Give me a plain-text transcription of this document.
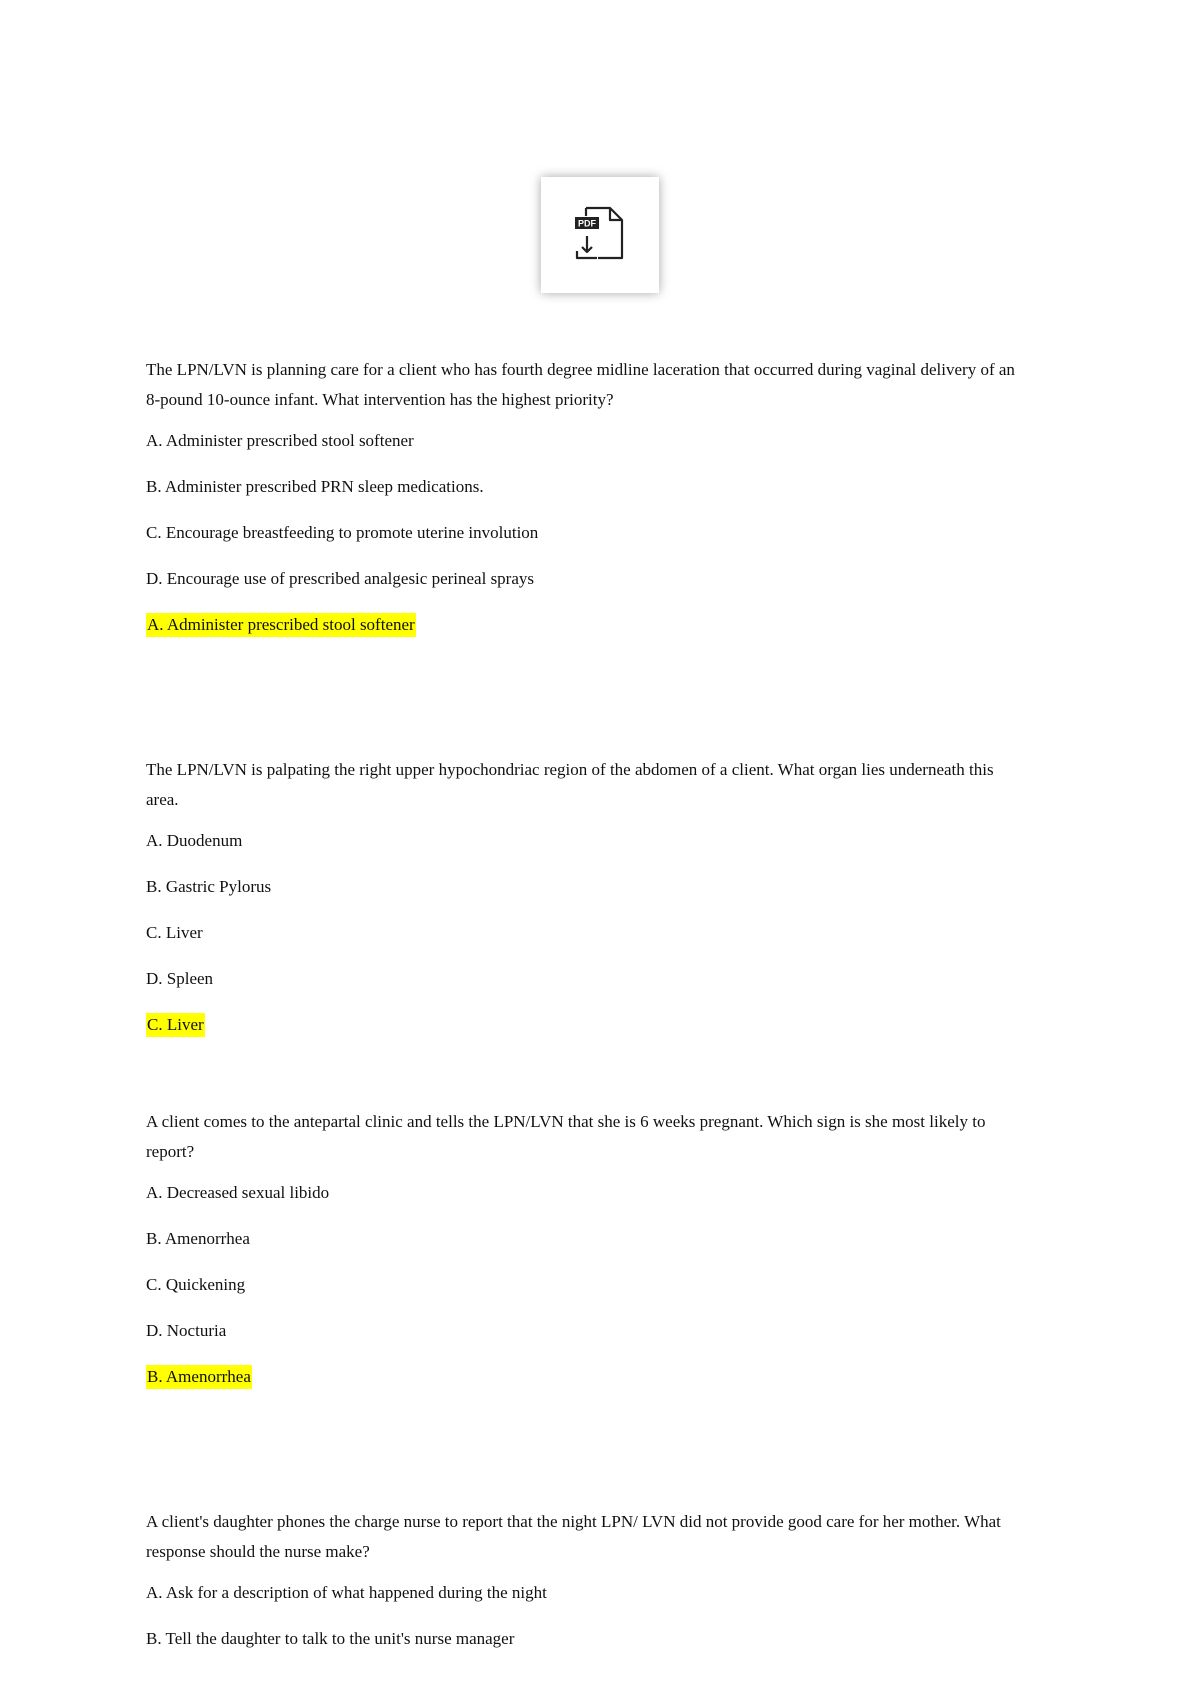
PDF

The LPN/LVN is planning care for a client who has fourth degree midline laceration that occurred during vaginal delivery of an 8-pound 10-ounce infant. What intervention has the highest priority?

A. Administer prescribed stool softener

B. Administer prescribed PRN sleep medications.

C. Encourage breastfeeding to promote uterine involution

D. Encourage use of prescribed analgesic perineal sprays

A. Administer prescribed stool softener

The LPN/LVN is palpating the right upper hypochondriac region of the abdomen of a client. What organ lies underneath this area.

A. Duodenum

B. Gastric Pylorus

C. Liver

D. Spleen

C. Liver

A client comes to the antepartal clinic and tells the LPN/LVN that she is 6 weeks pregnant. Which sign is she most likely to report?

A. Decreased sexual libido

B. Amenorrhea

C. Quickening

D. Nocturia

B. Amenorrhea

A client's daughter phones the charge nurse to report that the night LPN/ LVN did not provide good care for her mother. What response should the nurse make?

A. Ask for a description of what happened during the night

B. Tell the daughter to talk to the unit's nurse manager
